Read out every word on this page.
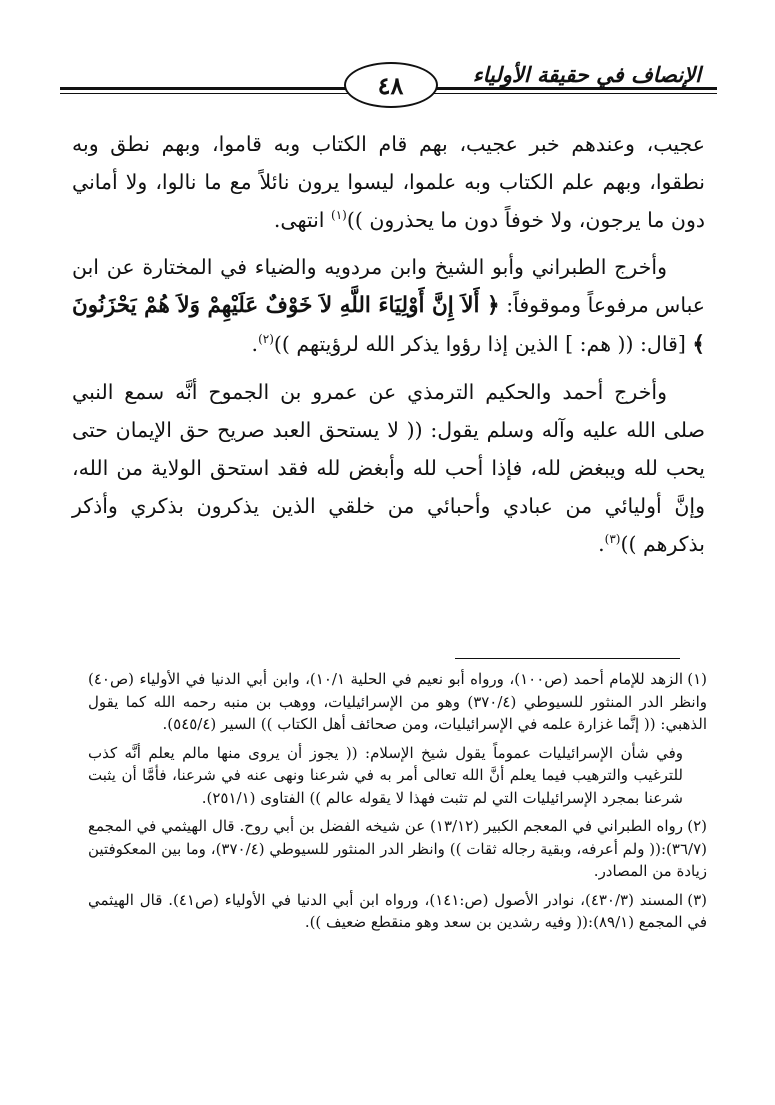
الإنصاف في حقيقة الأولياء
٤٨

عجيب، وعندهم خبر عجيب، بهم قام الكتاب وبه قاموا، وبهم نطق وبه نطقوا، وبهم علم الكتاب وبه علموا، ليسوا يرون نائلاً مع ما نالوا، ولا أماني دون ما يرجون، ولا خوفاً دون ما يحذرون ))$^{(١)}$ انتهى.

وأخرج الطبراني وأبو الشيخ وابن مردويه والضياء في المختارة عن ابن عباس مرفوعاً وموقوفاً: ﴿ أَلاَ إِنَّ أَوْلِيَاءَ اللَّهِ لاَ خَوْفٌ عَلَيْهِمْ وَلاَ هُمْ يَحْزَنُونَ ﴾ [قال: (( هم: ] الذين إذا رؤوا يذكر الله لرؤيتهم ))$^{(٢)}$.

وأخرج أحمد والحكيم الترمذي عن عمرو بن الجموح أنَّه سمع النبي صلى الله عليه وآله وسلم يقول: (( لا يستحق العبد صريح حق الإيمان حتى يحب لله ويبغض لله، فإذا أحب لله وأبغض لله فقد استحق الولاية من الله، وإنَّ أوليائي من عبادي وأحبائي من خلقي الذين يذكرون بذكري وأذكر بذكرهم ))$^{(٣)}$.

(١)الزهد للإمام أحمد (ص١٠٠)، ورواه أبو نعيم في الحلية ١٠/١)، وابن أبي الدنيا في الأولياء (ص٤٠) وانظر الدر المنثور للسيوطي (٣٧٠/٤) وهو من الإسرائيليات، ووهب بن منبه رحمه الله كما يقول الذهبي: (( إنَّما غزارة علمه في الإسرائيليات، ومن صحائف أهل الكتاب )) السير (٥٤٥/٤).

وفي شأن الإسرائيليات عموماً يقول شيخ الإسلام: (( يجوز أن يروى منها مالم يعلم أنَّه كذب للترغيب والترهيب فيما يعلم أنَّ الله تعالى أمر به في شرعنا ونهى عنه في شرعنا، فأمَّا أن يثبت شرعنا بمجرد الإسرائيليات التي لم تثبت فهذا لا يقوله عالم )) الفتاوى (٢٥١/١).

(٢)رواه الطبراني في المعجم الكبير (١٣/١٢) عن شيخه الفضل بن أبي روح. قال الهيثمي في المجمع (٣٦/٧):(( ولم أعرفه، وبقية رجاله ثقات )) وانظر الدر المنثور للسيوطي (٣٧٠/٤)، وما بين المعكوفتين زيادة من المصادر.

(٣)المسند (٤٣٠/٣)، نوادر الأصول (ص:١٤١)، ورواه ابن أبي الدنيا في الأولياء (ص٤١). قال الهيثمي في المجمع (٨٩/١):(( وفيه رشدين بن سعد وهو منقطع ضعيف )).
